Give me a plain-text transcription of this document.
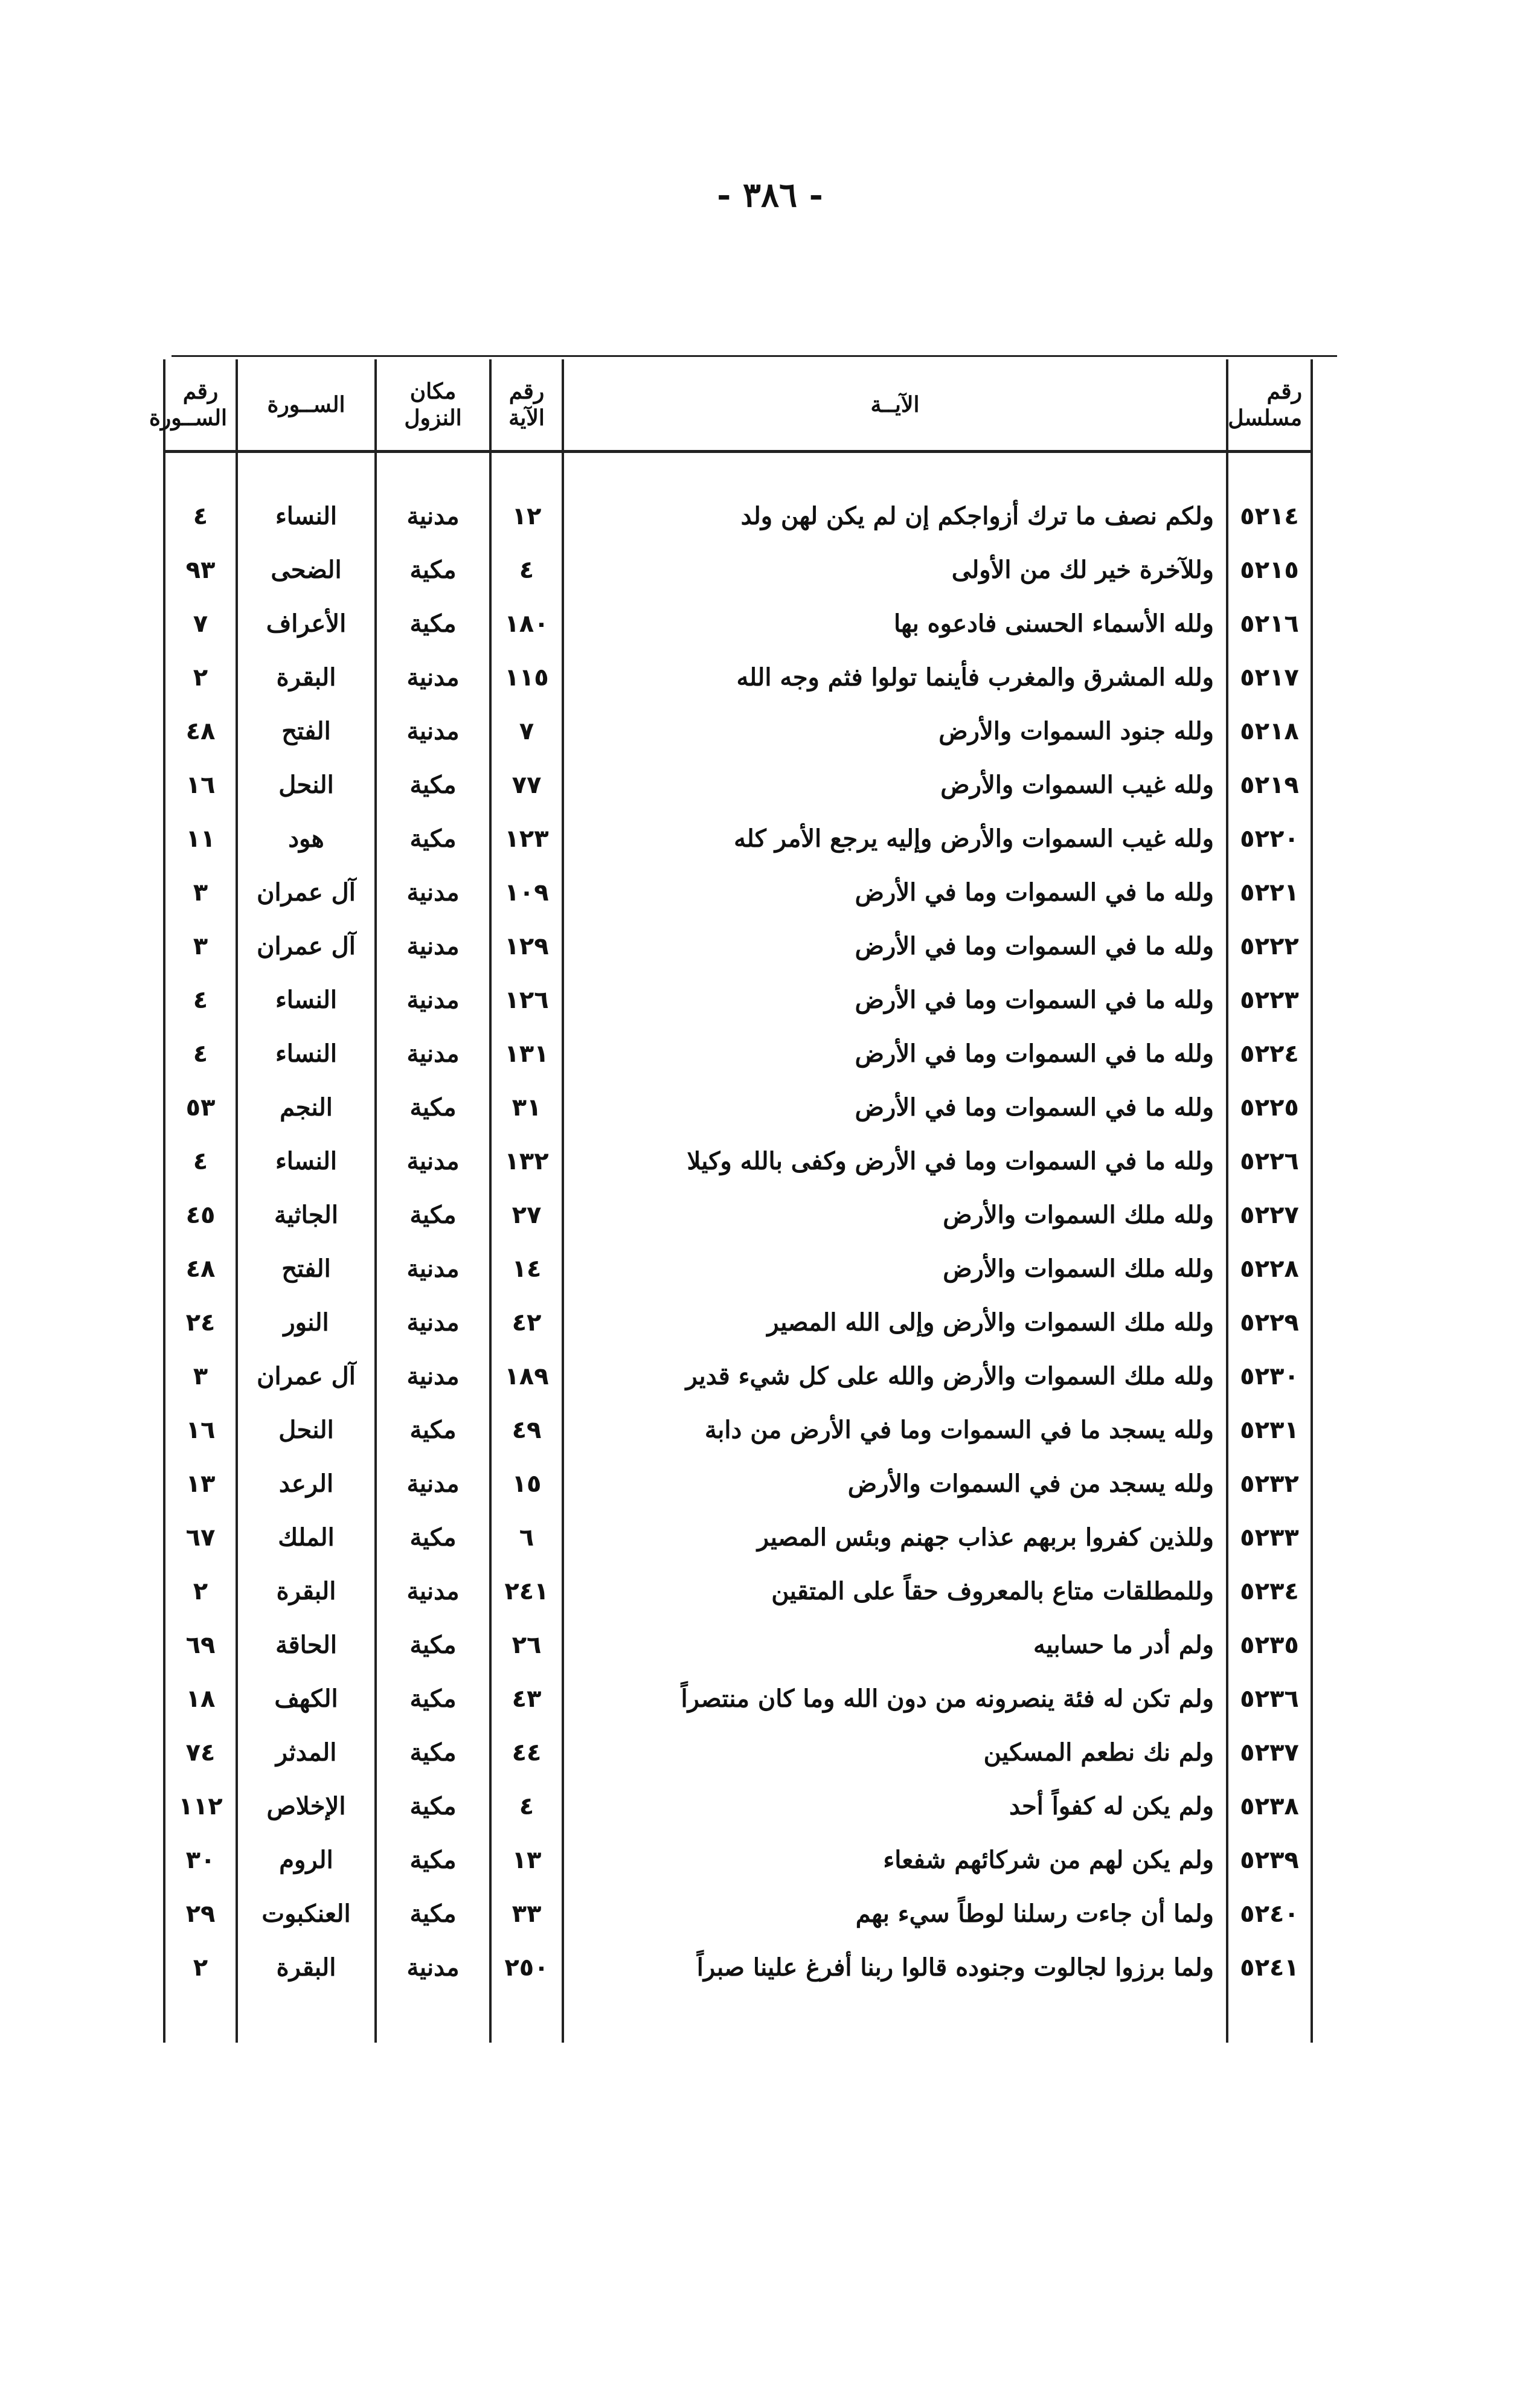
- ٣٨٦ -
رقم مسلسل	الآيــة	رقم الآية	مكان النزول	الســورة	رقم الســورة

٥٢١٤	ولكم نصف ما ترك أزواجكم إن لم يكن لهن ولد	١٢	مدنية	النساء	٤
٥٢١٥	وللآخرة خير لك من الأولى	٤	مكية	الضحى	٩٣
٥٢١٦	ولله الأسماء الحسنى فادعوه بها	١٨٠	مكية	الأعراف	٧
٥٢١٧	ولله المشرق والمغرب فأينما تولوا فثم وجه الله	١١٥	مدنية	البقرة	٢
٥٢١٨	ولله جنود السموات والأرض	٧	مدنية	الفتح	٤٨
٥٢١٩	ولله غيب السموات والأرض	٧٧	مكية	النحل	١٦
٥٢٢٠	ولله غيب السموات والأرض وإليه يرجع الأمر كله	١٢٣	مكية	هود	١١
٥٢٢١	ولله ما في السموات وما في الأرض	١٠٩	مدنية	آل عمران	٣
٥٢٢٢	ولله ما في السموات وما في الأرض	١٢٩	مدنية	آل عمران	٣
٥٢٢٣	ولله ما في السموات وما في الأرض	١٢٦	مدنية	النساء	٤
٥٢٢٤	ولله ما في السموات وما في الأرض	١٣١	مدنية	النساء	٤
٥٢٢٥	ولله ما في السموات وما في الأرض	٣١	مكية	النجم	٥٣
٥٢٢٦	ولله ما في السموات وما في الأرض وكفى بالله وكيلا	١٣٢	مدنية	النساء	٤
٥٢٢٧	ولله ملك السموات والأرض	٢٧	مكية	الجاثية	٤٥
٥٢٢٨	ولله ملك السموات والأرض	١٤	مدنية	الفتح	٤٨
٥٢٢٩	ولله ملك السموات والأرض وإلى الله المصير	٤٢	مدنية	النور	٢٤
٥٢٣٠	ولله ملك السموات والأرض والله على كل شيء قدير	١٨٩	مدنية	آل عمران	٣
٥٢٣١	ولله يسجد ما في السموات وما في الأرض من دابة	٤٩	مكية	النحل	١٦
٥٢٣٢	ولله يسجد من في السموات والأرض	١٥	مدنية	الرعد	١٣
٥٢٣٣	وللذين كفروا بربهم عذاب جهنم وبئس المصير	٦	مكية	الملك	٦٧
٥٢٣٤	وللمطلقات متاع بالمعروف حقاً على المتقين	٢٤١	مدنية	البقرة	٢
٥٢٣٥	ولم أدر ما حسابيه	٢٦	مكية	الحاقة	٦٩
٥٢٣٦	ولم تكن له فئة ينصرونه من دون الله وما كان منتصراً	٤٣	مكية	الكهف	١٨
٥٢٣٧	ولم نك نطعم المسكين	٤٤	مكية	المدثر	٧٤
٥٢٣٨	ولم يكن له كفواً أحد	٤	مكية	الإخلاص	١١٢
٥٢٣٩	ولم يكن لهم من شركائهم شفعاء	١٣	مكية	الروم	٣٠
٥٢٤٠	ولما أن جاءت رسلنا لوطاً سيء بهم	٣٣	مكية	العنكبوت	٢٩
٥٢٤١	ولما برزوا لجالوت وجنوده قالوا ربنا أفرغ علينا صبراً	٢٥٠	مدنية	البقرة	٢
